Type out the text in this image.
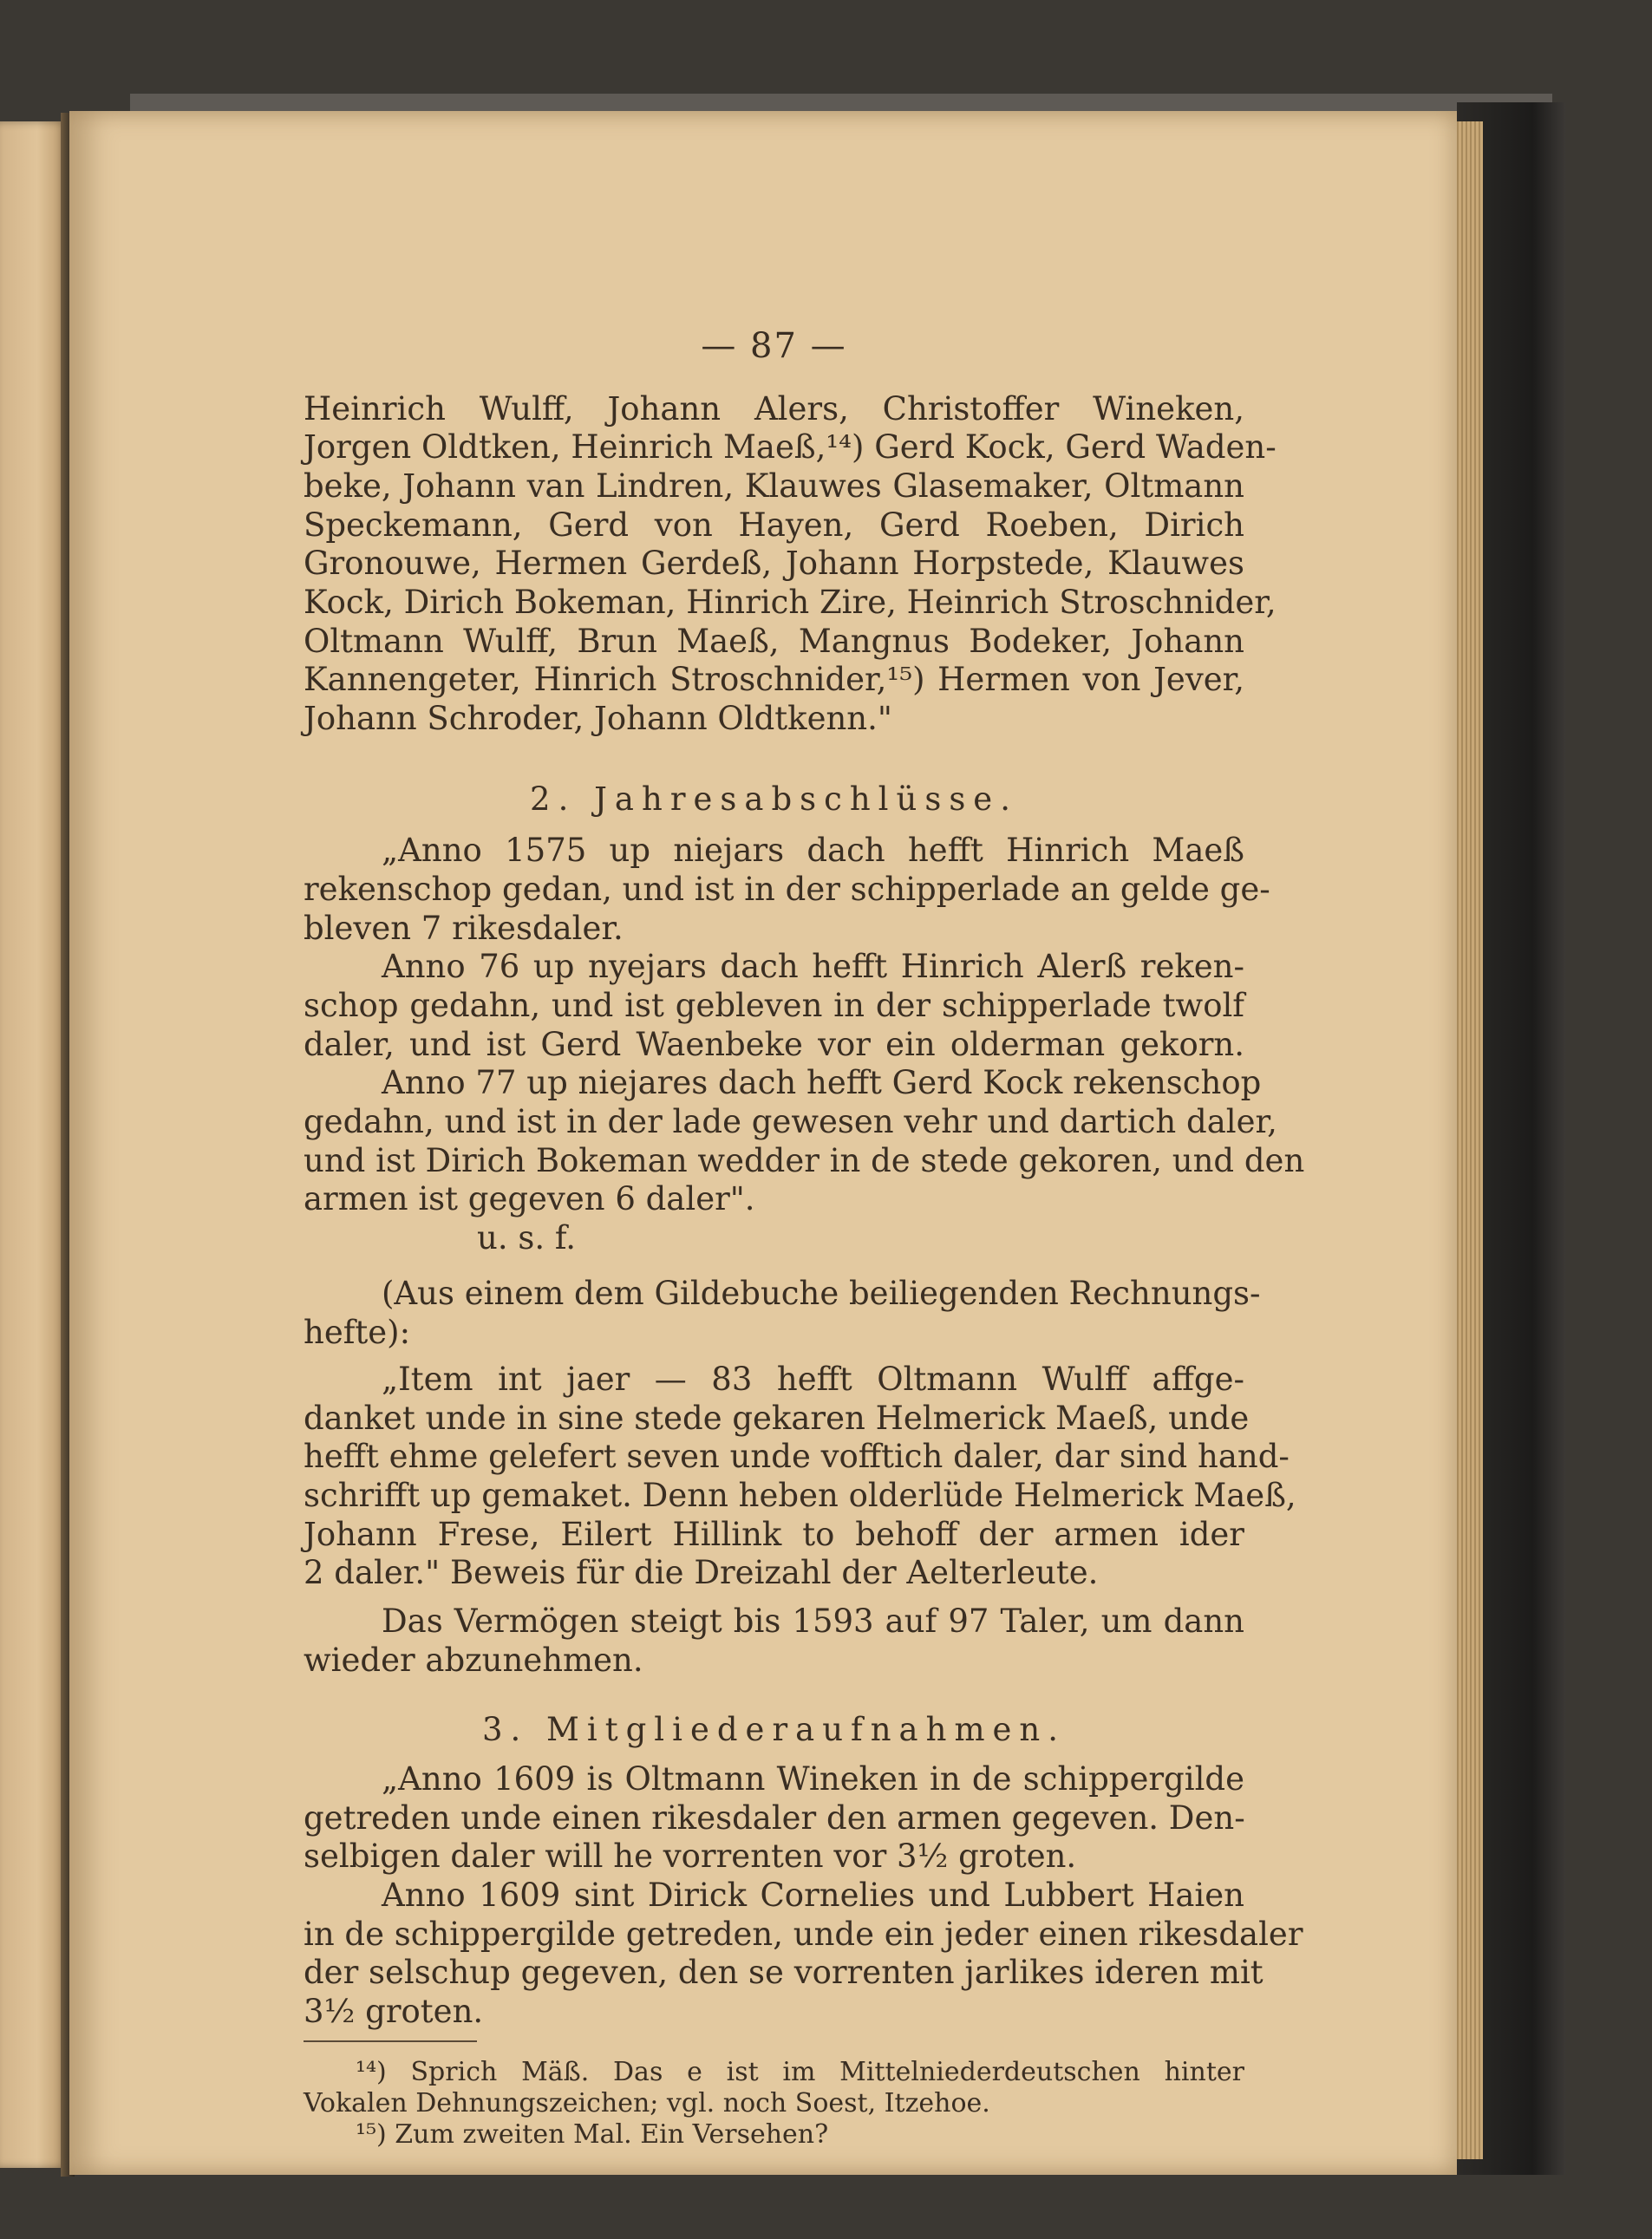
— 87 —
Heinrich Wulff, Johann Alers, Christoffer Wineken,
Jorgen Oldtken, Heinrich Maeß,¹⁴) Gerd Kock, Gerd Waden-
beke, Johann van Lindren, Klauwes Glasemaker, Oltmann
Speckemann, Gerd von Hayen, Gerd Roeben, Dirich
Gronouwe, Hermen Gerdeß, Johann Horpstede, Klauwes
Kock, Dirich Bokeman, Hinrich Zire, Heinrich Stroschnider,
Oltmann Wulff, Brun Maeß, Mangnus Bodeker, Johann
Kannengeter, Hinrich Stroschnider,¹⁵) Hermen von Jever,
Johann Schroder, Johann Oldtkenn."
2. Jahresabschlüsse.
„Anno 1575 up niejars dach hefft Hinrich Maeß
rekenschop gedan, und ist in der schipperlade an gelde ge-
bleven 7 rikesdaler.
Anno 76 up nyejars dach hefft Hinrich Alerß reken-
schop gedahn, und ist gebleven in der schipperlade twolf
daler, und ist Gerd Waenbeke vor ein olderman gekorn.
Anno 77 up niejares dach hefft Gerd Kock rekenschop
gedahn, und ist in der lade gewesen vehr und dartich daler,
und ist Dirich Bokeman wedder in de stede gekoren, und den
armen ist gegeven 6 daler".
u. s. f.
(Aus einem dem Gildebuche beiliegenden Rechnungs-
hefte):
„Item int jaer — 83 hefft Oltmann Wulff affge-
danket unde in sine stede gekaren Helmerick Maeß, unde
hefft ehme gelefert seven unde vofftich daler, dar sind hand-
schrifft up gemaket. Denn heben olderlüde Helmerick Maeß,
Johann Frese, Eilert Hillink to behoff der armen ider
2 daler." Beweis für die Dreizahl der Aelterleute.
Das Vermögen steigt bis 1593 auf 97 Taler, um dann
wieder abzunehmen.
3. Mitgliederaufnahmen.
„Anno 1609 is Oltmann Wineken in de schippergilde
getreden unde einen rikesdaler den armen gegeven. Den-
selbigen daler will he vorrenten vor 3½ groten.
Anno 1609 sint Dirick Cornelies und Lubbert Haien
in de schippergilde getreden, unde ein jeder einen rikesdaler
der selschup gegeven, den se vorrenten jarlikes ideren mit
3½ groten.
¹⁴) Sprich Mäß. Das e ist im Mittelniederdeutschen hinter
Vokalen Dehnungszeichen; vgl. noch Soest, Itzehoe.
¹⁵) Zum zweiten Mal. Ein Versehen?
